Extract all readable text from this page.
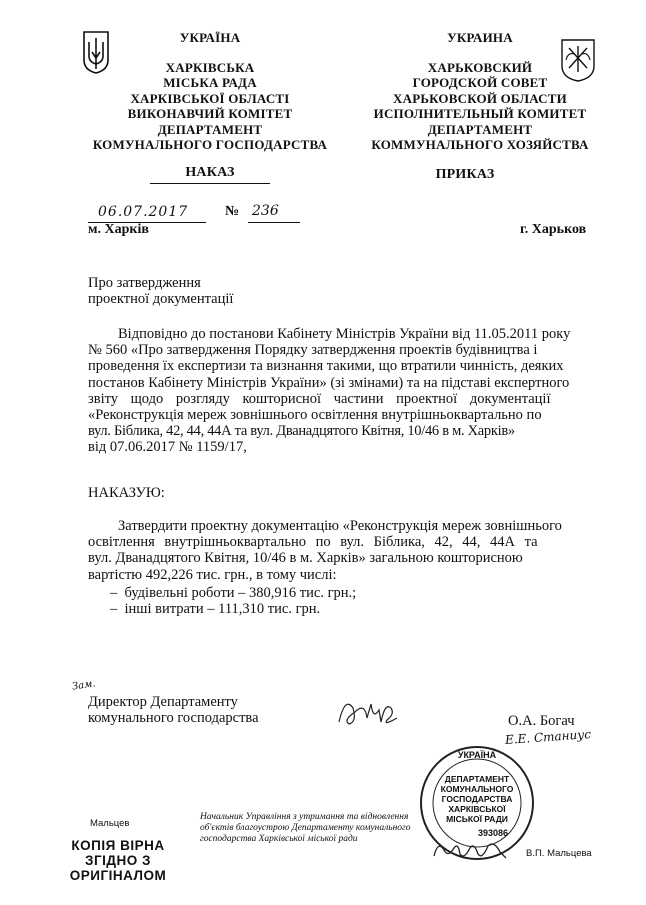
УКРАЇНА
ХАРКІВСЬКА
МІСЬКА РАДА
ХАРКІВСЬКОЇ ОБЛАСТІ
ВИКОНАВЧИЙ КОМІТЕТ
ДЕПАРТАМЕНТ
КОМУНАЛЬНОГО ГОСПОДАРСТВА
УКРАИНА
ХАРЬКОВСКИЙ
ГОРОДСКОЙ СОВЕТ
ХАРЬКОВСКОЙ ОБЛАСТИ
ИСПОЛНИТЕЛЬНЫЙ КОМИТЕТ
ДЕПАРТАМЕНТ
КОММУНАЛЬНОГО ХОЗЯЙСТВА
НАКАЗ	ПРИКАЗ
06.07.2017	№ 236
м. Харків	г. Харьков
Про затвердження
проектної документації
Відповідно до постанови Кабінету Міністрів України від 11.05.2011 року
№ 560 «Про затвердження Порядку затвердження проектів будівництва і
проведення їх експертизи та визнання такими, що втратили чинність, деяких
постанов Кабінету Міністрів України» (зі змінами) та на підставі експертного
звіту щодо розгляду кошторисної частини проектної документації
«Реконструкція мереж зовнішнього освітлення внутрішньоквартально по
вул. Біблика, 42, 44, 44А та вул. Дванадцятого Квітня, 10/46 в м. Харків»
від 07.06.2017 № 1159/17,
НАКАЗУЮ:
Затвердити проектну документацію «Реконструкція мереж зовнішнього
освітлення внутрішньоквартально по вул. Біблика, 42, 44, 44А та
вул. Дванадцятого Квітня, 10/46 в м. Харків» загальною кошторисною
вартістю 492,226 тис. грн., в тому числі:
– будівельні роботи – 380,916 тис. грн.;
– інші витрати – 111,310 тис. грн.
Зам.
Директор Департаменту
комунального господарства	О.А. Богач
Е.Е. Станиус
УКРАЇНА
ДЕПАРТАМЕНТ
КОМУНАЛЬНОГО
ГОСПОДАРСТВА
ХАРКІВСЬКОЇ
МІСЬКОЇ РАДИ
393086
Мальцев
КОПІЯ ВІРНА
ЗГІДНО З
ОРИГІНАЛОМ
Начальник Управління з утримання та відновлення
об'єктів благоустрою Департаменту комунального
господарства Харківської міської ради
В.П. Мальцева
